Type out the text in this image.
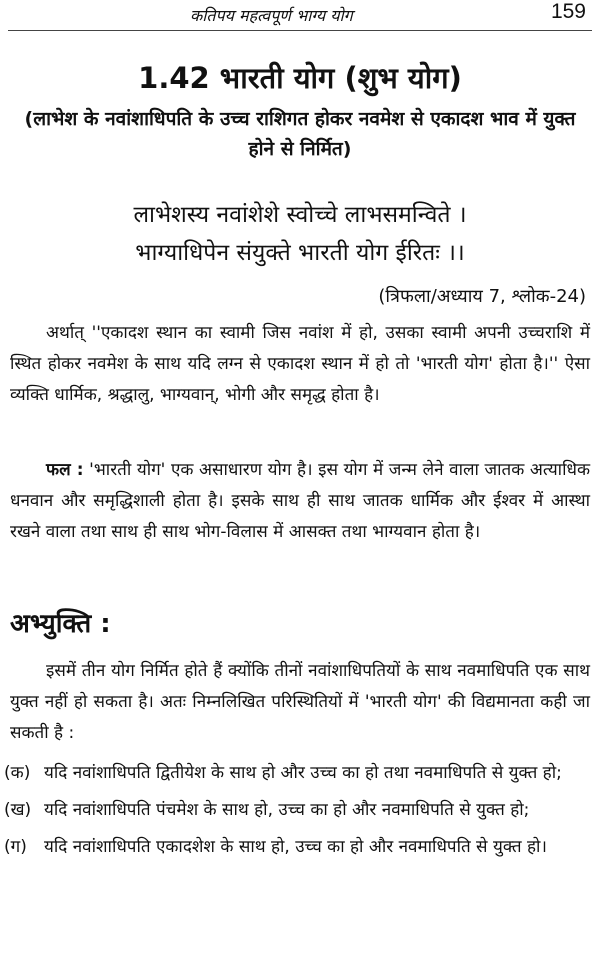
कतिपय महत्वपूर्ण भाग्य योग	159
1.42 भारती योग (शुभ योग)
(लाभेश के नवांशाधिपति के उच्च राशिगत होकर नवमेश से एकादश भाव में युक्त होने से निर्मित)
लाभेशस्य नवांशेशे स्वोच्चे लाभसमन्विते ।
भाग्याधिपेन संयुक्ते भारती योग ईरितः ।।
(त्रिफला/अध्याय 7, श्लोक-24)
अर्थात् ''एकादश स्थान का स्वामी जिस नवांश में हो, उसका स्वामी अपनी उच्चराशि में स्थित होकर नवमेश के साथ यदि लग्न से एकादश स्थान में हो तो 'भारती योग' होता है।'' ऐसा व्यक्ति धार्मिक, श्रद्धालु, भाग्यवान्, भोगी और समृद्ध होता है।
फल : 'भारती योग' एक असाधारण योग है। इस योग में जन्म लेने वाला जातक अत्याधिक धनवान और समृद्धिशाली होता है। इसके साथ ही साथ जातक धार्मिक और ईश्वर में आस्था रखने वाला तथा साथ ही साथ भोग-विलास में आसक्त तथा भाग्यवान होता है।
अभ्युक्ति :
इसमें तीन योग निर्मित होते हैं क्योंकि तीनों नवांशाधिपतियों के साथ नवमाधिपति एक साथ युक्त नहीं हो सकता है। अतः निम्नलिखित परिस्थितियों में 'भारती योग' की विद्यमानता कही जा सकती है :
(क) यदि नवांशाधिपति द्वितीयेश के साथ हो और उच्च का हो तथा नवमाधिपति से युक्त हो;
(ख) यदि नवांशाधिपति पंचमेश के साथ हो, उच्च का हो और नवमाधिपति से युक्त हो;
(ग) यदि नवांशाधिपति एकादशेश के साथ हो, उच्च का हो और नवमाधिपति से युक्त हो।
